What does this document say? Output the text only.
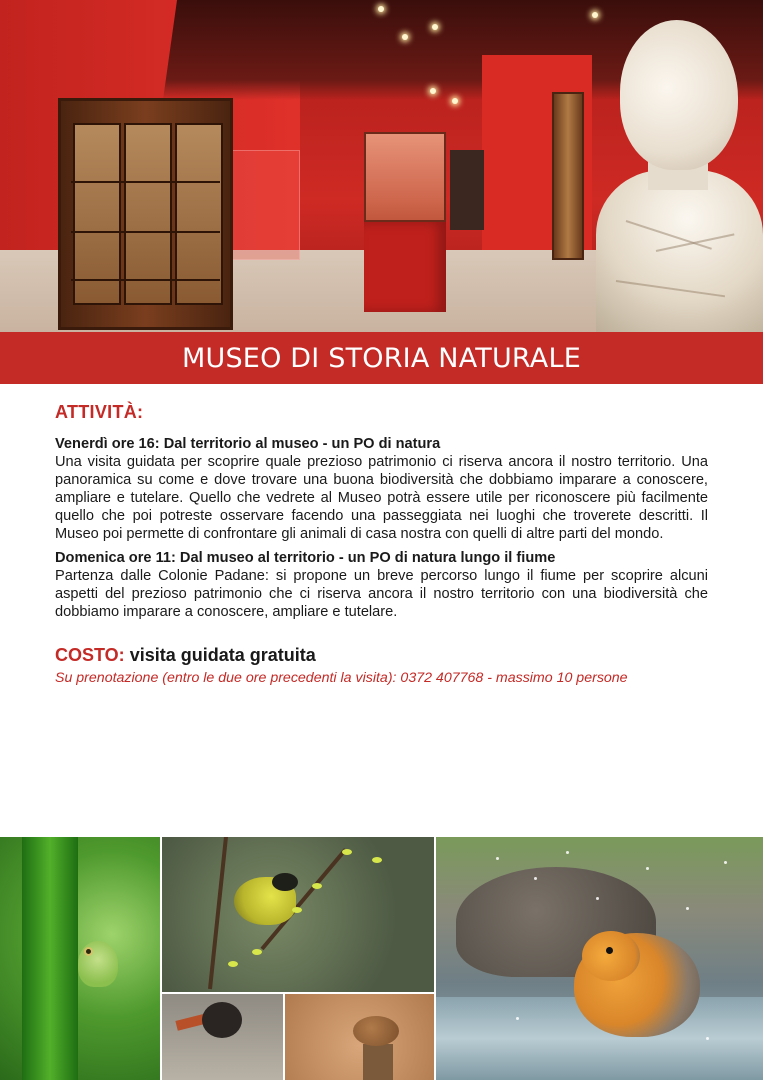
MUSEO DI STORIA NATURALE
ATTIVITÀ:
Venerdì ore 16: Dal territorio al museo - un PO di natura
Una visita guidata per scoprire quale prezioso patrimonio ci riserva ancora il nostro territorio. Una panoramica su come e dove trovare una buona biodiversità che dobbiamo imparare a conoscere, ampliare e tutelare. Quello che vedrete al Museo potrà essere utile per riconoscere più facilmente quello che poi potreste osservare facendo una passeggiata nei luoghi che troverete descritti. Il Museo poi permette di confrontare gli animali di casa nostra con quelli di altre parti del mondo.
Domenica ore 11: Dal museo al territorio - un PO di natura lungo il fiume
Partenza dalle Colonie Padane: si propone un breve percorso lungo il fiume per scoprire alcuni aspetti del prezioso patrimonio che ci riserva ancora il nostro territorio con una biodiversità che dobbiamo imparare a conoscere, ampliare e tutelare.
COSTO: visita guidata gratuita
Su prenotazione (entro le due ore precedenti la visita): 0372 407768 - massimo 10 persone
